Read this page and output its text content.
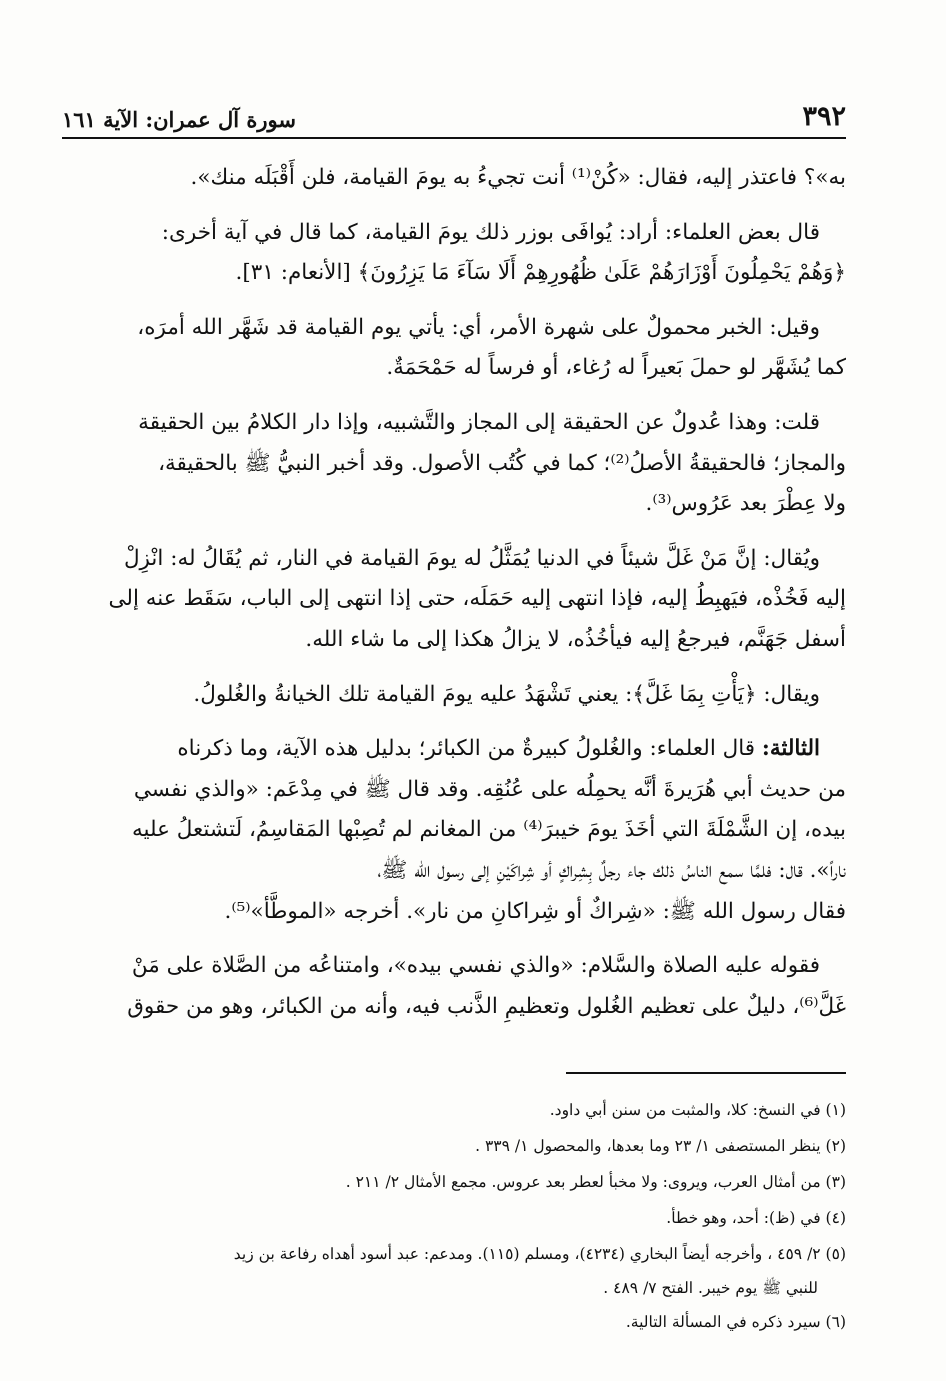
٣٩٢
سورة آل عمران: الآية ١٦١

به»؟ فاعتذر إليه، فقال: «كُنْ⁽¹⁾ أنت تجيءُ به يومَ القيامة، فلن أَقْبَلَه منك».

قال بعض العلماء: أراد: يُوافَى بوزر ذلك يومَ القيامة، كما قال في آية أخرى:

﴿وَهُمْ يَحْمِلُونَ أَوْزَارَهُمْ عَلَىٰ ظُهُورِهِمْ أَلَا سَآءَ مَا يَزِرُونَ﴾ [الأنعام: ٣١].

وقيل: الخبر محمولٌ على شهرة الأمر، أي: يأتي يوم القيامة قد شَهَّر الله أمرَه،

كما يُشَهَّر لو حملَ بَعيراً له رُغاء، أو فرساً له حَمْحَمَةٌ.

قلت: وهذا عُدولٌ عن الحقيقة إلى المجاز والتَّشبيه، وإذا دار الكلامُ بين الحقيقة

والمجاز؛ فالحقيقةُ الأصلُ⁽²⁾؛ كما في كُتُب الأصول. وقد أخبر النبيُّ ﷺ بالحقيقة،

ولا عِطْرَ بعد عَرُوس⁽³⁾.

ويُقال: إنَّ مَنْ غَلَّ شيئاً في الدنيا يُمَثَّلُ له يومَ القيامة في النار، ثم يُقَالُ له: انْزِلْ

إليه فَخُذْه، فيَهبِطُ إليه، فإذا انتهى إليه حَمَلَه، حتى إذا انتهى إلى الباب، سَقَط عنه إلى

أسفل جَهَنَّم، فيرجعُ إليه فيأخُذُه، لا يزالُ هكذا إلى ما شاء الله.

ويقال: ﴿يَأْتِ بِمَا غَلَّ﴾: يعني تَشْهَدُ عليه يومَ القيامة تلك الخيانةُ والغُلولُ.

الثالثة: قال العلماء: والغُلولُ كبيرةٌ من الكبائر؛ بدليل هذه الآية، وما ذكرناه

من حديث أبي هُرَيرةَ أنَّه يحمِلُه على عُنُقِه. وقد قال ﷺ في مِدْعَم: «والذي نفسي

بيده، إن الشَّمْلَةَ التي أخَذَ يومَ خيبرَ⁽⁴⁾ من المغانم لم تُصِبْها المَقاسِمُ، لَتشتعلُ عليه

ناراً». قال: فلمَّا سمع الناسُ ذلك جاء رجلٌ بِشِراكٍ أو شِراكَيْنِ إلى رسول الله ﷺ،

فقال رسول الله ﷺ: «شِراكٌ أو شِراكانِ من نار». أخرجه «الموطَّأ»⁽⁵⁾.

فقوله عليه الصلاة والسَّلام: «والذي نفسي بيده»، وامتناعُه من الصَّلاة على مَنْ

غَلَّ⁽⁶⁾، دليلٌ على تعظيم الغُلول وتعظيمِ الذَّنب فيه، وأنه من الكبائر، وهو من حقوق

(١) في النسخ: كلا، والمثبت من سنن أبي داود.

(٢) ينظر المستصفى ١/ ٢٣ وما بعدها، والمحصول ١/ ٣٣٩ .

(٣) من أمثال العرب، ويروى: ولا مخبأ لعطر بعد عروس. مجمع الأمثال ٢/ ٢١١ .

(٤) في (ظ): أحد، وهو خطأ.

(٥) ٢/ ٤٥٩ ، وأخرجه أيضاً البخاري (٤٢٣٤)، ومسلم (١١٥). ومدعم: عبد أسود أهداه رفاعة بن زيد

للنبي ﷺ يوم خيبر. الفتح ٧/ ٤٨٩ .

(٦) سيرد ذكره في المسألة التالية.
